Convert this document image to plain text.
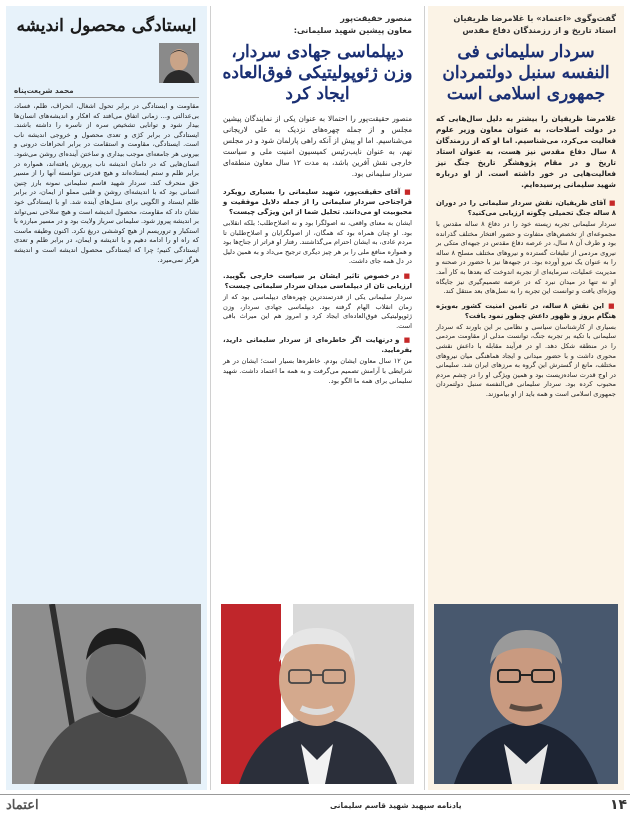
گفت‌وگوی «اعتماد» با غلامرضا ظریفیان استاد تاریخ و از رزمندگان دفاع مقدس
سردار سلیمانی فی النفسه سنبل دولتمردان جمهوری اسلامی است
غلامرضا ظریفیان را بیشتر به دلیل سال‌هایی که در دولت اصلاحات، به عنوان معاون وزیر علوم فعالیت می‌کرد، می‌شناسیم. اما او که از رزمندگان ۸ سال دفاع مقدس نیز هست، به عنوان استاد تاریخ و در مقام پژوهشگر تاریخ جنگ نیز فعالیت‌هایی در خور داشته است. از او درباره شهید سلیمانی پرسیده‌ایم.
■ آقای ظریفیان، نقش سردار سلیمانی را در دوران ۸ ساله جنگ تحمیلی چگونه ارزیابی می‌کنید؟
سردار سلیمانی تجربه زیسته خود را در دفاع ۸ ساله مقدس با مجموعه‌ای از تخصص‌های متفاوت و حضور افتخار مختلف گذرانده بود و طرف آن ۸ سال، در عرصه دفاع مقدس در جبهه‌ای متکی بر نیروی مردمی از تبلیغات گسترده و نیروهای مختلف مسلح ۸ ساله را به عنوان یک نیرو آورده بود. در جبهه‌ها نیز با حضور در صحنه و مدیریت عملیات، سرمایه‌ای از تجربه اندوخت که بعدها به کار آمد. او نه تنها در میدان نبرد که در عرصه تصمیم‌گیری نیز جایگاه ویژه‌ای یافت و توانست این تجربه را به نسل‌های بعد منتقل کند.
■ این نقش ۸ ساله، در تامین امنیت کشور به‌ویژه هنگام بروز و ظهور داعش چطور نمود یافت؟
بسیاری از کارشناسان سیاسی و نظامی بر این باورند که سردار سلیمانی با تکیه بر تجربه جنگ، توانست مدلی از مقاومت مردمی را در منطقه شکل دهد. او در فرآیند مقابله با داعش نقشی محوری داشت و با حضور میدانی و ایجاد هماهنگی میان نیروهای مختلف، مانع از گسترش این گروه به مرزهای ایران شد. سلیمانی در اوج قدرت ساده‌زیست بود و همین ویژگی او را در چشم مردم محبوب کرده بود. سردار سلیمانی فی‌النفسه سنبل دولتمردان جمهوری اسلامی است و همه باید از او بیاموزند.
منصور حقیقت‌پور
معاون پیشین شهید سلیمانی:
دیپلماسی جهادی سردار، وزن ژئوپولیتیکی فوق‌العاده ایجاد کرد
منصور حقیقت‌پور را احتمالا به عنوان یکی از نمایندگان پیشین مجلس و از جمله چهره‌های نزدیک به علی لاریجانی می‌شناسیم. اما او پیش از آنکه راهی پارلمان شود و در مجلس نهم، به عنوان نایب‌رئیس کمیسیون امنیت ملی و سیاست خارجی نقش آفرین باشد، به مدت ۱۲ سال معاون منطقه‌ای سردار سلیمانی بود.
■ آقای حقیقت‌پور، شهید سلیمانی را بسیاری رویکرد فراجناحی سردار سلیمانی را از جمله دلایل موفقیت و محبوبیت او می‌دانند. تحلیل شما از این ویژگی چیست؟
ایشان به معنای واقعی، نه اصولگرا بود و نه اصلاح‌طلب؛ بلکه انقلابی بود. او چنان همراه بود که همگان، از اصولگرایان و اصلاح‌طلبان تا مردم عادی، به ایشان احترام می‌گذاشتند. رفتار او فراتر از جناح‌ها بود و همواره منافع ملی را بر هر چیز دیگری ترجیح می‌داد و به همین دلیل در دل همه جای داشت.
■ در خصوص تاثیر ایشان بر سیاست خارجی بگویید. ارزیابی تان از دیپلماسی میدان سردار سلیمانی چیست؟
سردار سلیمانی یکی از قدرتمندترین چهره‌های دیپلماسی بود که از زمان انقلاب الهام گرفته بود. دیپلماسی جهادی سردار، وزن ژئوپولیتیکی فوق‌العاده‌ای ایجاد کرد و امروز هم این میراث باقی است.
■ و درنهایت اگر خاطره‌ای از سردار سلیمانی دارید، بفرمایید.
من ۱۲ سال معاون ایشان بودم. خاطره‌ها بسیار است؛ ایشان در هر شرایطی با آرامش تصمیم می‌گرفت و به همه ما اعتماد داشت. شهید سلیمانی برای همه ما الگو بود.
ایستادگی محصول اندیشه
محمد شریعت‌پناه
مقاومت و ایستادگی در برابر تحول اشغال، انحراف، ظلم، فساد، بی‌عدالتی و... زمانی اتفاق می‌افتد که افکار و اندیشه‌های انسان‌ها بیدار شود و توانایی تشخیص سره از ناسره را داشته باشند. ایستادگی در برابر کژی و تعدی محصول و خروجی اندیشه ناب است. ایستادگی، مقاومت و استقامت در برابر انحرافات درونی و بیرونی هر جامعه‌ای موجب بیداری و ساختن آینده‌ای روشن می‌شود. انسان‌هایی که در دامان اندیشه ناب پرورش یافته‌اند، همواره در برابر ظلم و ستم ایستاده‌اند و هیچ قدرتی نتوانسته آنها را از مسیر حق منحرف کند. سردار شهید قاسم سلیمانی نمونه بارز چنین انسانی بود که با اندیشه‌ای روشن و قلبی مملو از ایمان، در برابر ظلم ایستاد و الگویی برای نسل‌های آینده شد. او با ایستادگی خود نشان داد که مقاومت، محصول اندیشه است و هیچ سلاحی نمی‌تواند بر اندیشه پیروز شود. سلیمانی سرباز ولایت بود و در مسیر مبارزه با استکبار و تروریسم از هیچ کوششی دریغ نکرد. اکنون وظیفه ماست که راه او را ادامه دهیم و با اندیشه و ایمان، در برابر ظلم و تعدی ایستادگی کنیم؛ چرا که ایستادگی محصول اندیشه است و اندیشه هرگز نمی‌میرد.
۱۴
یادنامه سپهبد شهید قاسم سلیمانی
اعتماد
